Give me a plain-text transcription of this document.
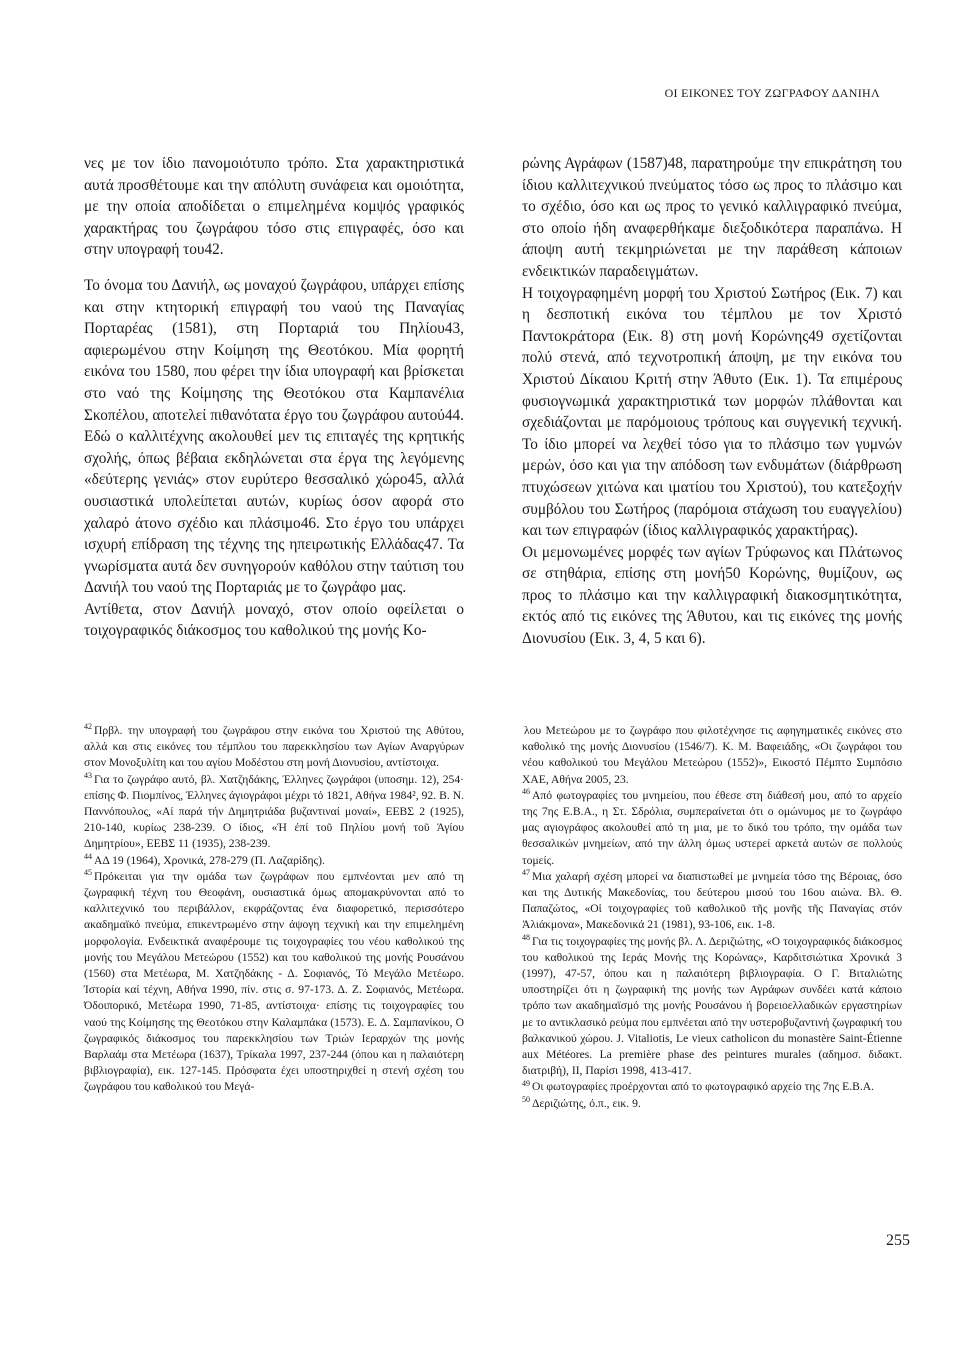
ΟΙ ΕΙΚΟΝΕΣ ΤΟΥ ΖΩΓΡΑΦΟΥ ΔΑΝΙΗΛ

νες με τον ίδιο πανομοιότυπο τρόπο. Στα χαρακτηριστικά αυτά προσθέτουμε και την απόλυτη συνάφεια και ομοιότητα, με την οποία αποδίδεται ο επιμελημένα κομψός γραφικός χαρακτήρας του ζωγράφου τόσο στις επιγραφές, όσο και στην υπογραφή του42.

Το όνομα του Δανιήλ, ως μοναχού ζωγράφου, υπάρχει επίσης και στην κτητορική επιγραφή του ναού της Παναγίας Πορταρέας (1581), στη Πορταριά του Πηλίου43, αφιερωμένου στην Κοίμηση της Θεοτόκου. Μία φορητή εικόνα του 1580, που φέρει την ίδια υπογραφή και βρίσκεται στο ναό της Κοίμησης της Θεοτόκου στα Καμπανέλια Σκοπέλου, αποτελεί πιθανότατα έργο του ζωγράφου αυτού44. Εδώ ο καλλιτέχνης ακολουθεί μεν τις επιταγές της κρητικής σχολής, όπως βέβαια εκδηλώνεται στα έργα της λεγόμενης «δεύτερης γενιάς» στον ευρύτερο θεσσαλικό χώρο45, αλλά ουσιαστικά υπολείπεται αυτών, κυρίως όσον αφορά στο χαλαρό άτονο σχέδιο και πλάσιμο46. Στο έργο του υπάρχει ισχυρή επίδραση της τέχνης της ηπειρωτικής Ελλάδας47. Τα γνωρίσματα αυτά δεν συνηγορούν καθόλου στην ταύτιση του Δανιήλ του ναού της Πορταριάς με το ζωγράφο μας.

Αντίθετα, στον Δανιήλ μοναχό, στον οποίο οφείλεται ο τοιχογραφικός διάκοσμος του καθολικού της μονής Κο-

ρώνης Αγράφων (1587)48, παρατηρούμε την επικράτηση του ίδιου καλλιτεχνικού πνεύματος τόσο ως προς το πλάσιμο και το σχέδιο, όσο και ως προς το γενικό καλλιγραφικό πνεύμα, στο οποίο ήδη αναφερθήκαμε διεξοδικότερα παραπάνω. Η άποψη αυτή τεκμηριώνεται με την παράθεση κάποιων ενδεικτικών παραδειγμάτων.

Η τοιχογραφημένη μορφή του Χριστού Σωτήρος (Εικ. 7) και η δεσποτική εικόνα του τέμπλου με τον Χριστό Παντοκράτορα (Εικ. 8) στη μονή Κορώνης49 σχετίζονται πολύ στενά, από τεχνοτροπική άποψη, με την εικόνα του Χριστού Δίκαιου Κριτή στην Άθυτο (Εικ. 1). Τα επιμέρους φυσιογνωμικά χαρακτηριστικά των μορφών πλάθονται και σχεδιάζονται με παρόμοιους τρόπους και συγγενική τεχνική. Το ίδιο μπορεί να λεχθεί τόσο για το πλάσιμο των γυμνών μερών, όσο και για την απόδοση των ενδυμάτων (διάρθρωση πτυχώσεων χιτώνα και ιματίου του Χριστού), του κατεξοχήν συμβόλου του Σωτήρος (παρόμοια στάχωση του ευαγγελίου) και των επιγραφών (ίδιος καλλιγραφικός χαρακτήρας).

Οι μεμονωμένες μορφές των αγίων Τρύφωνος και Πλάτωνος σε στηθάρια, επίσης στη μονή50 Κορώνης, θυμίζουν, ως προς το πλάσιμο και την καλλιγραφική διακοσμητικότητα, εκτός από τις εικόνες της Άθυτου, και τις εικόνες της μονής Διονυσίου (Εικ. 3, 4, 5 και 6).

$^{42}$ Πρβλ. την υπογραφή του ζωγράφου στην εικόνα του Χριστού της Αθύτου, αλλά και στις εικόνες του τέμπλου του παρεκκλησίου των Αγίων Αναργύρων στον Μονοξυλίτη και του αγίου Μοδέστου στη μονή Διονυσίου, αντίστοιχα.

$^{43}$ Για το ζωγράφο αυτό, βλ. Χατζηδάκης, Έλληνες ζωγράφοι (υποσημ. 12), 254· επίσης Φ. Πιομπίνος, Έλληνες άγιογράφοι μέχρι τό 1821, Αθήνα 1984², 92. Β. Ν. Παννόπουλος, «Αί παρά τήν Δημητριάδα βυζαντιναί μοναί», ΕΕΒΣ 2 (1925), 210-140, κυρίως 238-239. Ο ίδιος, «Ή έπί τοῦ Πηλίου μονή τοῦ Άγίου Δημητρίου», ΕΕΒΣ 11 (1935), 238-239.

$^{44}$ ΑΔ 19 (1964), Χρονικά, 278-279 (Π. Λαζαρίδης).

$^{45}$ Πρόκειται για την ομάδα των ζωγράφων που εμπνέονται μεν από τη ζωγραφική τέχνη του Θεοφάνη, ουσιαστικά όμως απομακρύνονται από το καλλιτεχνικό του περιβάλλον, εκφράζοντας ένα διαφορετικό, περισσότερο ακαδημαϊκό πνεύμα, επικεντρωμένο στην άψογη τεχνική και την επιμελημένη μορφολογία. Ενδεικτικά αναφέρουμε τις τοιχογραφίες του νέου καθολικού της μονής του Μεγάλου Μετεώρου (1552) και του καθολικού της μονής Ρουσάνου (1560) στα Μετέωρα, Μ. Χατζηδάκης - Δ. Σοφιανός, Τό Μεγάλο Μετέωρο. Ίστορία καί τέχνη, Αθήνα 1990, πίν. στις σ. 97-173. Δ. Ζ. Σοφιανός, Μετέωρα. Όδοιπορικό, Μετέωρα 1990, 71-85, αντίστοιχα· επίσης τις τοιχογραφίες του ναού της Κοίμησης της Θεοτόκου στην Καλαμπάκα (1573). Ε. Δ. Σαμπανίκου, Ο ζωγραφικός διάκοσμος του παρεκκλησίου των Τριών Ιεραρχών της μονής Βαρλαάμ στα Μετέωρα (1637), Τρίκαλα 1997, 237-244 (όπου και η παλαιότερη βιβλιογραφία), εικ. 127-145. Πρόσφατα έχει υποστηριχθεί η στενή σχέση του ζωγράφου του καθολικού του Μεγά-

λου Μετεώρου με το ζωγράφο που φιλοτέχνησε τις αφηγηματικές εικόνες στο καθολικό της μονής Διονυσίου (1546/7). Κ. Μ. Βαφειάδης, «Οι ζωγράφοι του νέου καθολικού του Μεγάλου Μετεώρου (1552)», Εικοστό Πέμπτο Συμπόσιο ΧΑΕ, Αθήνα 2005, 23.

$^{46}$ Από φωτογραφίες του μνημείου, που έθεσε στη διάθεσή μου, από το αρχείο της 7ης Ε.Β.Α., η Στ. Σδρόλια, συμπεραίνεται ότι ο ομώνυμος με το ζωγράφο μας αγιογράφος ακολουθεί από τη μια, με το δικό του τρόπο, την ομάδα των θεσσαλικών μνημείων, από την άλλη όμως υστερεί αρκετά αυτών σε πολλούς τομείς.

$^{47}$ Μια χαλαρή σχέση μπορεί να διαπιστωθεί με μνημεία τόσο της Βέροιας, όσο και της Δυτικής Μακεδονίας, του δεύτερου μισού του 16ου αιώνα. Βλ. Θ. Παπαζώτος, «Οἱ τοιχογραφίες τοῦ καθολικοῦ τῆς μονῆς τῆς Παναγίας στόν Ἁλιάκμονα», Μακεδονικά 21 (1981), 93-106, εικ. 1-8.

$^{48}$ Για τις τοιχογραφίες της μονής βλ. Λ. Δεριζιώτης, «Ο τοιχογραφικός διάκοσμος του καθολικού της Ιεράς Μονής της Κορώνας», Καρδιτσιώτικα Χρονικά 3 (1997), 47-57, όπου και η παλαιότερη βιβλιογραφία. Ο Γ. Βιταλιώτης υποστηρίζει ότι η ζωγραφική της μονής των Αγράφων συνδέει κατά κάποιο τρόπο των ακαδημαϊσμό της μονής Ρουσάνου ή βορειοελλαδικών εργαστηρίων με το αντικλασικό ρεύμα που εμπνέεται από την υστεροβυζαντινή ζωγραφική του βαλκανικού χώρου. J. Vitaliotis, Le vieux catholicon du monastère Saint-Étienne aux Météores. La première phase des peintures murales (αδημοσ. διδακτ. διατριβή), II, Παρίσι 1998, 413-417.

$^{49}$ Οι φωτογραφίες προέρχονται από το φωτογραφικό αρχείο της 7ης Ε.Β.Α.

$^{50}$ Δεριζιώτης, ό.π., εικ. 9.

255
